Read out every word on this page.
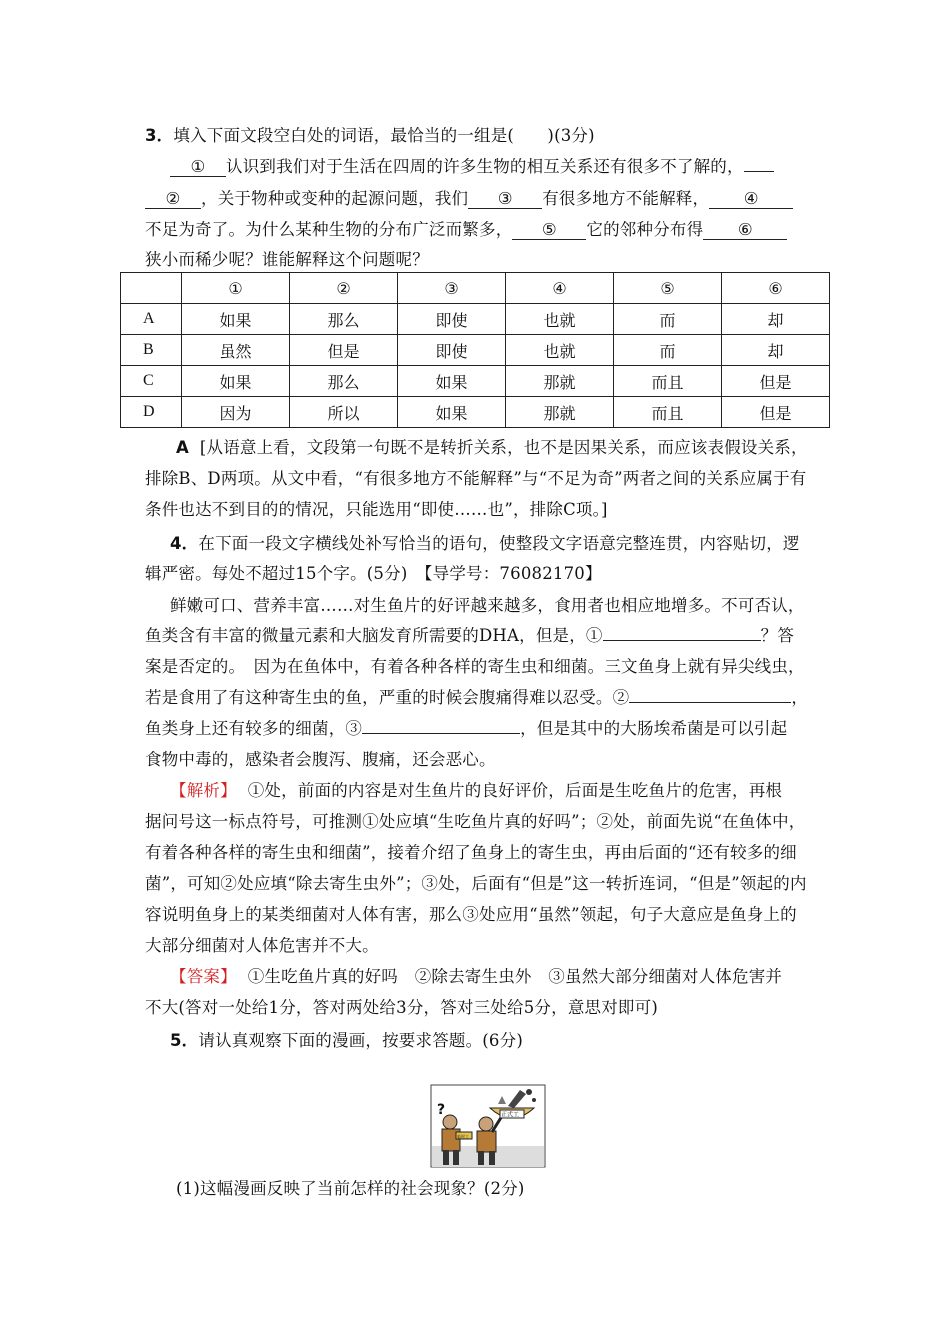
3．填入下面文段空白处的词语，最恰当的一组是(　　)(3分)
① 认识到我们对于生活在四周的许多生物的相互关系还有很多不了解的，
② ，关于物种或变种的起源问题，我们 ③ 有很多地方不能解释， ④
不足为奇了。为什么某种生物的分布广泛而繁多， ⑤ 它的邻种分布得 ⑥
狭小而稀少呢？谁能解释这个问题呢？
	①	②	③	④	⑤	⑥
A	如果	那么	即使	也就	而	却
B	虽然	但是	即使	也就	而	却
C	如果	那么	如果	那就	而且	但是
D	因为	所以	如果	那就	而且	但是
A [从语意上看，文段第一句既不是转折关系，也不是因果关系，而应该表假设关系，
排除B、D两项。从文中看，“有很多地方不能解释”与“不足为奇”两者之间的关系应属于有
条件也达不到目的的情况，只能选用“即使……也”，排除C项。]
4．在下面一段文字横线处补写恰当的语句，使整段文字语意完整连贯，内容贴切，逻
辑严密。每处不超过15个字。(5分)　【导学号：76082170】
鲜嫩可口、营养丰富……对生鱼片的好评越来越多，食用者也相应地增多。不可否认，
鱼类含有丰富的微量元素和大脑发育所需要的DHA，但是，①	？答
案是否定的。　因为在鱼体中，有着各种各样的寄生虫和细菌。三文鱼身上就有异尖线虫，
若是食用了有这种寄生虫的鱼，严重的时候会腹痛得难以忍受。②	，
鱼类身上还有较多的细菌，③	，但是其中的大肠埃希菌是可以引起
食物中毒的，感染者会腹泻、腹痛，还会恶心。
【解析】 ①处，前面的内容是对生鱼片的良好评价，后面是生吃鱼片的危害，再根
据问号这一标点符号，可推测①处应填“生吃鱼片真的好吗”；②处，前面先说“在鱼体中，
有着各种各样的寄生虫和细菌”，接着介绍了鱼身上的寄生虫，再由后面的“还有较多的细
菌”，可知②处应填“除去寄生虫外”；③处，后面有“但是”这一转折连词，“但是”领起的内
容说明鱼身上的某类细菌对人体有害，那么③处应用“虽然”领起，句子大意应是鱼身上的
大部分细菌对人体危害并不大。
【答案】 ①生吃鱼片真的好吗　②除去寄生虫外　③虽然大部分细菌对人体危害并
不大(答对一处给1分，答对两处给3分，答对三处给5分，意思对即可)
5．请认真观察下面的漫画，按要求答题。(6分)
?
临时工
正式工
(1)这幅漫画反映了当前怎样的社会现象？(2分)
